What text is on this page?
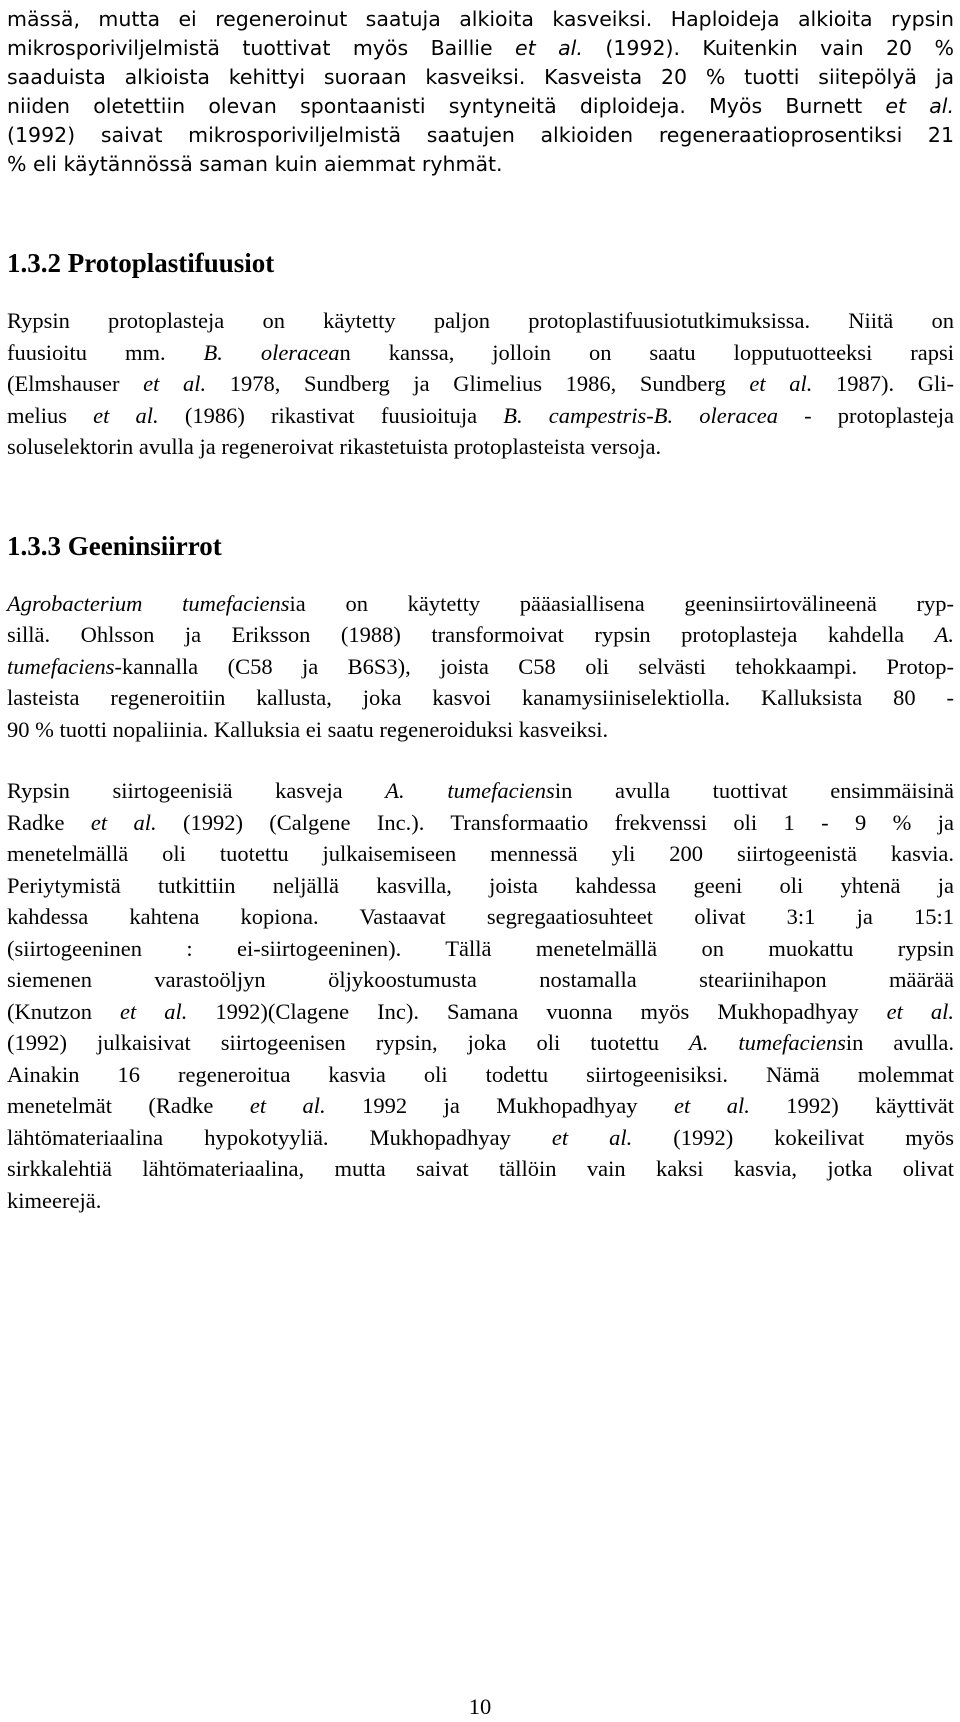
mässä, mutta ei regeneroinut saatuja alkioita kasveiksi. Haploideja alkioita rypsin
mikrosporiviljelmistä tuottivat myös Baillie et al. (1992). Kuitenkin vain 20 %
saaduista alkioista kehittyi suoraan kasveiksi. Kasveista 20 % tuotti siitepölyä ja
niiden oletettiin olevan spontaanisti syntyneitä diploideja. Myös Burnett et al.
(1992) saivat mikrosporiviljelmistä saatujen alkioiden regeneraatioprosentiksi 21
% eli käytännössä saman kuin aiemmat ryhmät.
1.3.2 Protoplastifuusiot
Rypsin protoplasteja on käytetty paljon protoplastifuusiotutkimuksissa. Niitä on
fuusioitu mm. B. oleracean kanssa, jolloin on saatu lopputuotteeksi rapsi
(Elmshauser et al. 1978, Sundberg ja Glimelius 1986, Sundberg et al. 1987). Gli-
melius et al. (1986) rikastivat fuusioituja B. campestris-B. oleracea - protoplasteja
soluselektorin avulla ja regeneroivat rikastetuista protoplasteista versoja.
1.3.3 Geeninsiirrot
Agrobacterium tumefaciensia on käytetty pääasiallisena geeninsiirtovälineenä ryp-
sillä. Ohlsson ja Eriksson (1988) transformoivat rypsin protoplasteja kahdella A.
tumefaciens-kannalla (C58 ja B6S3), joista C58 oli selvästi tehokkaampi. Protop-
lasteista regeneroitiin kallusta, joka kasvoi kanamysiiniselektiolla. Kalluksista 80 -
90 % tuotti nopaliinia. Kalluksia ei saatu regeneroiduksi kasveiksi.
Rypsin siirtogeenisiä kasveja A. tumefaciensin avulla tuottivat ensimmäisinä
Radke et al. (1992) (Calgene Inc.). Transformaatio frekvenssi oli 1 - 9 % ja
menetelmällä oli tuotettu julkaisemiseen mennessä yli 200 siirtogeenistä kasvia.
Periytymistä tutkittiin neljällä kasvilla, joista kahdessa geeni oli yhtenä ja
kahdessa kahtena kopiona. Vastaavat segregaatiosuhteet olivat 3:1 ja 15:1
(siirtogeeninen : ei-siirtogeeninen). Tällä menetelmällä on muokattu rypsin
siemenen varastoöljyn öljykoostumusta nostamalla steariinihapon määrää
(Knutzon et al. 1992)(Clagene Inc). Samana vuonna myös Mukhopadhyay et al.
(1992) julkaisivat siirtogeenisen rypsin, joka oli tuotettu A. tumefaciensin avulla.
Ainakin 16 regeneroitua kasvia oli todettu siirtogeenisiksi. Nämä molemmat
menetelmät (Radke et al. 1992 ja Mukhopadhyay et al. 1992) käyttivät
lähtömateriaalina hypokotyyliä. Mukhopadhyay et al. (1992) kokeilivat myös
sirkkalehtiä lähtömateriaalina, mutta saivat tällöin vain kaksi kasvia, jotka olivat
kimeerejä.
10
